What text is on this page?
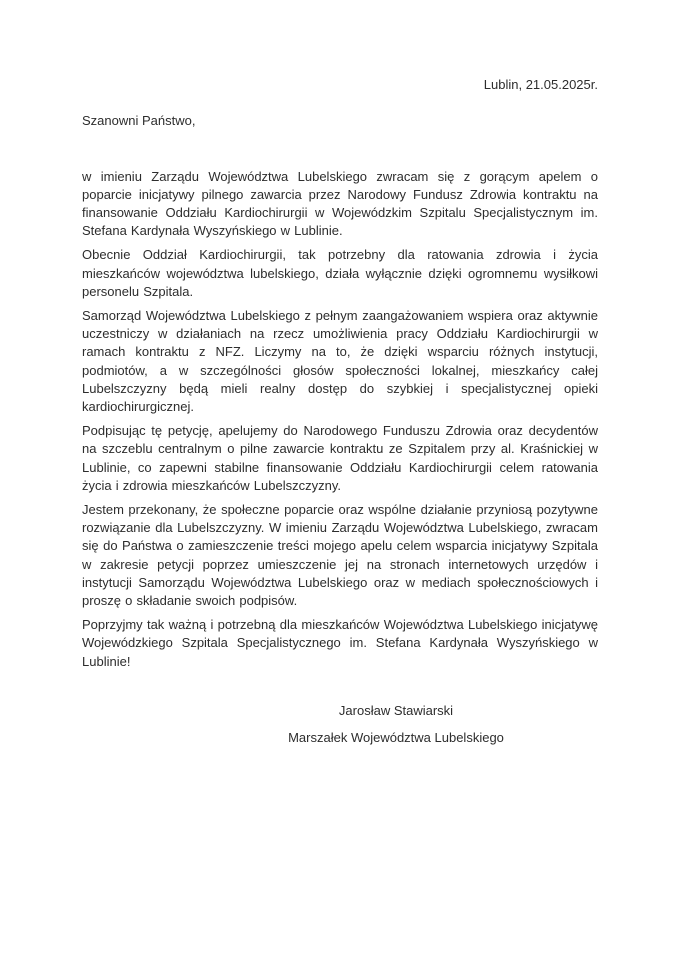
Lublin, 21.05.2025r.
Szanowni Państwo,

w imieniu Zarządu Województwa Lubelskiego zwracam się z gorącym apelem o poparcie inicjatywy pilnego zawarcia przez Narodowy Fundusz Zdrowia kontraktu na finansowanie Oddziału Kardiochirurgii w Wojewódzkim Szpitalu Specjalistycznym im. Stefana Kardynała Wyszyńskiego w Lublinie.

Obecnie Oddział Kardiochirurgii, tak potrzebny dla ratowania zdrowia i życia mieszkańców województwa lubelskiego, działa wyłącznie dzięki ogromnemu wysiłkowi personelu Szpitala.

Samorząd Województwa Lubelskiego z pełnym zaangażowaniem wspiera oraz aktywnie uczestniczy w działaniach na rzecz umożliwienia pracy Oddziału Kardiochirurgii w ramach kontraktu z NFZ. Liczymy na to, że dzięki wsparciu różnych instytucji, podmiotów, a w szczególności głosów społeczności lokalnej, mieszkańcy całej Lubelszczyzny będą mieli realny dostęp do szybkiej i specjalistycznej opieki kardiochirurgicznej.

Podpisując tę petycję, apelujemy do Narodowego Funduszu Zdrowia oraz decydentów na szczeblu centralnym o pilne zawarcie kontraktu ze Szpitalem przy al. Kraśnickiej w Lublinie, co zapewni stabilne finansowanie Oddziału Kardiochirurgii celem ratowania życia i zdrowia mieszkańców Lubelszczyzny.

Jestem przekonany, że społeczne poparcie oraz wspólne działanie przyniosą pozytywne rozwiązanie dla Lubelszczyzny. W imieniu Zarządu Województwa Lubelskiego, zwracam się do Państwa o zamieszczenie treści mojego apelu celem wsparcia inicjatywy Szpitala w zakresie petycji poprzez umieszczenie jej na stronach internetowych urzędów i instytucji Samorządu Województwa Lubelskiego oraz w mediach społecznościowych i proszę o składanie swoich podpisów.

Poprzyjmy tak ważną i potrzebną dla mieszkańców Województwa Lubelskiego inicjatywę Wojewódzkiego Szpitala Specjalistycznego im. Stefana Kardynała Wyszyńskiego w Lublinie!

Jarosław Stawiarski

Marszałek Województwa Lubelskiego
